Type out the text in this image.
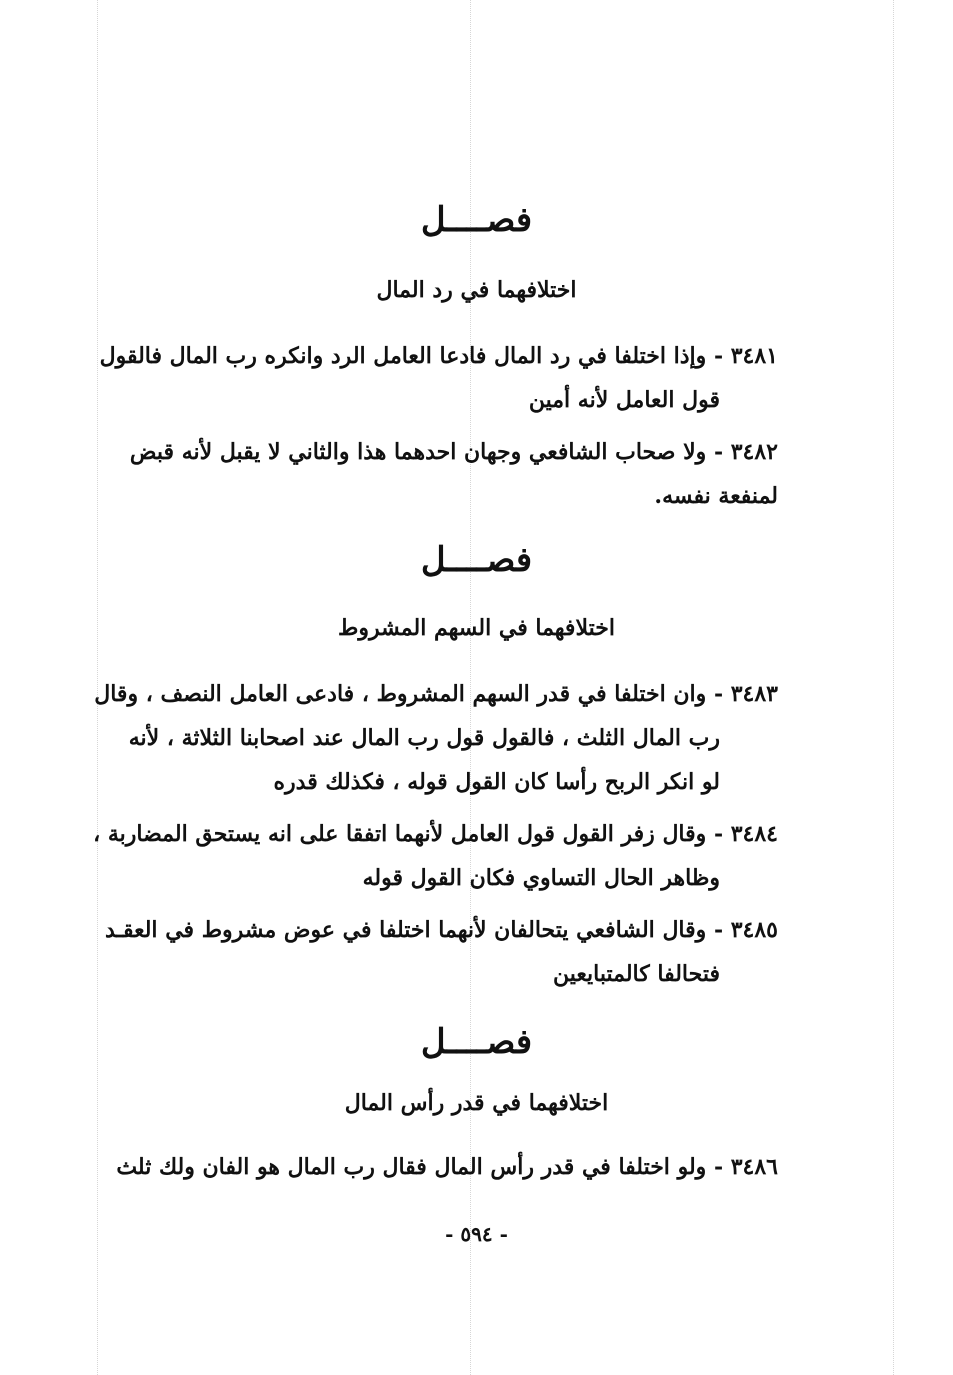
فصــــل
اختلافهما في رد المال
٣٤٨١ - وإذا اختلفا في رد المال فادعا العامل الرد وانكره رب المال فالقول
قول العامل لأنه أمين
٣٤٨٢ - ولا صحاب الشافعي وجهان احدهما هذا والثاني لا يقبل لأنه قبض
لمنفعة نفسه.
فصــــل
اختلافهما في السهم المشروط
٣٤٨٣ - وان اختلفا في قدر السهم المشروط ، فادعى العامل النصف ، وقال
رب المال الثلث ، فالقول قول رب المال عند اصحابنا الثلاثة ، لأنه
لو انكر الربح رأسا كان القول قوله ، فكذلك قدره
٣٤٨٤ - وقال زفر القول قول العامل لأنهما اتفقا على انه يستحق المضاربة ،
وظاهر الحال التساوي فكان القول قوله
٣٤٨٥ - وقال الشافعي يتحالفان لأنهما اختلفا في عوض مشروط في العقـد
فتحالفا كالمتبايعين
فصــــل
اختلافهما في قدر رأس المال
٣٤٨٦ - ولو اختلفا في قدر رأس المال فقال رب المال هو الفان ولك ثلث
- ٥٩٤ -
